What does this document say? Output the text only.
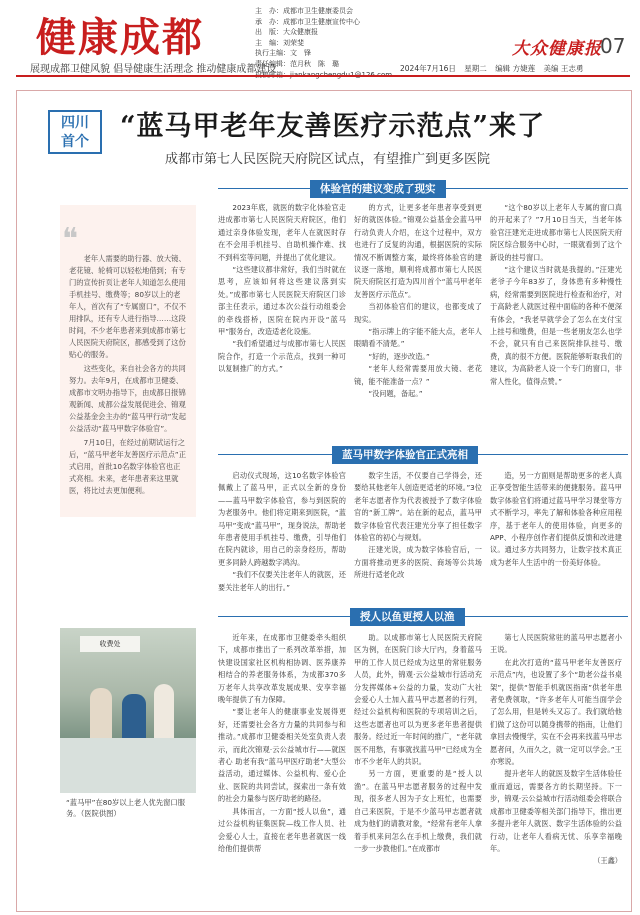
健康成都
展现成都卫健风貌 倡导健康生活理念 推动健康成都建设
主　办：成都市卫生健康委员会
承　办：成都市卫生健康宣传中心
出　版：大众健康报
主　编：刘荣斐
执行主编：文　锋
责任编辑：范月秋　陈　璐
大众健康报
07
2024年7月16日 星期二 编辑 方婕莲 美编 王志勇
四川
首个	“蓝马甲老年友善医疗示范点”来了
成都市第七人民医院天府院区试点，有望推广到更多医院
体验官的建议变成了现实
蓝马甲数字体验官正式亮相
授人以鱼更授人以渔

老年人需要的助行器、放大镜、老花镜、轮椅可以轻松地借到；有专门的宣传折页让老年人知道怎么使用手机挂号、缴费等；80岁以上的老年人，首次有了“专属窗口”，不仅不用排队，还有专人进行指导……这段时间，不少老年患者来到成都市第七人民医院天府院区，都感受到了这份贴心的服务。

这些变化，来自社会各方的共同努力。去年9月，在成都市卫健委、成都市文明办指导下，由成都日报锦观新闻、成都公益发展促进会、锦观公益基金会主办的“蓝马甲行动”发起公益活动“蓝马甲数字体验官”。

7月10日，在经过前期试运行之后，“蓝马甲老年友善医疗示范点”正式启用，首批10名数字体验官也正式亮相。未来，老年患者来这里就医，将比过去更加便利。

❝
收费处
“蓝马甲”在80岁以上老人优先窗口服务。（医院供图）

2023年底，就医的数字化体验官走进成都市第七人民医院天府院区，他们通过亲身体验发现，老年人在就医时存在不会用手机挂号、自助机操作难、找不到科室等问题，并提出了优化建议。

“这些建议都非常好，我们当时就在思考，应该如何将这些建议落到实处。”成都市第七人民医院天府院区门诊部主任表示，通过本次公益行动组委会的牵线搭桥，医院在院内开设“蓝马甲”服务台，改造适老化设施。

“我们希望通过与成都市第七人民医院合作，打造一个示范点，找到一种可以复制推广的方式。”

的方式，让更多老年患者享受到更好的就医体验。”锦观公益基金会蓝马甲行动负责人介绍，在这个过程中，双方也进行了反复的沟通，根据医院的实际情况不断调整方案，最终将体验官的建议逐一落地，顺利将成都市第七人民医院天府院区打造为四川首个“蓝马甲老年友善医疗示范点”。

当初体验官们的建议，也都变成了现实。

“指示牌上的字能不能大点，老年人眼睛看不清楚。”

“好的，逐步改造。”

“老年人经常需要用放大镜、老花镜，能不能准备一点？”

“没问题，备起。”

“这个80岁以上老年人专属的窗口真的开起来了？”7月10日当天，当老年体验官汪建光走进成都市第七人民医院天府院区综合服务中心时，一眼就看到了这个新设的挂号窗口。

“这个建议当时就是我提的。”汪建光老爷子今年83岁了，身体患有多种慢性病，经常需要到医院进行检查和治疗，对于高龄老人就医过程中面临的各种不便深有体会，“我老早就学会了怎么在支付宝上挂号和缴费，但是一些老朋友怎么也学不会，就只有自己来医院排队挂号、缴费，真的很不方便。医院能够听取我们的建议，为高龄老人设一个专门的窗口，非常人性化，值得点赞。”

启动仪式现场，这10名数字体验官佩戴上了蓝马甲，正式以全新的身份——蓝马甲数字体验官，参与到医院的为老服务中。他们将定期来到医院，“蓝马甲”变成“蓝马甲”，现身说法，帮助老年患者使用手机挂号、缴费，引导他们在院内就诊，用自己的亲身经历，帮助更多同龄人跨越数字鸿沟。

“我们不仅要关注老年人的就医，还要关注老年人的出行。”

数字生活，不仅要自己学得会，还要给其他老年人创造更适老的环境。”3位老年志愿者作为代表被授予了数字体验官的“新工牌”。站在新的起点，蓝马甲数字体验官代表汪建光分享了担任数字体验官的初心与规划。

汪建光说，成为数字体验官后，一方面将推动更多的医院、商场等公共场所进行适老化改

造，另一方面则是帮助更多的老人真正享受智能生活带来的便捷服务。蓝马甲数字体验官们将通过蓝马甲学习课堂等方式不断学习，率先了解和体验各种应用程序，基于老年人的使用体验，向更多的APP、小程序创作者们提供反馈和改进建议。通过多方共同努力，让数字技术真正成为老年人生活中的一份美好体验。

近年来，在成都市卫健委牵头组织下，成都市推出了一系列改革举措，加快建设国家社区机构相协调、医养康养相结合的养老服务体系，为成都370多万老年人共享改革发展成果、安享幸福晚年提供了有力保障。

“要让老年人的健康事业发展得更好，还需要社会各方力量的共同参与和推动。”成都市卫健委相关处室负责人表示，而此次锦观·云公益城市行——就医者心 助老有我“蓝马甲医疗助老”大型公益活动，通过媒体、公益机构、爱心企业、医院的共同尝试，探索出一条有效的社会力量参与医疗助老的路径。

具体而言，一方面“授人以鱼”，通过公益机构征集医院—线工作人员、社会爱心人士，直接在老年患者就医一线给他们提供帮

助。以成都市第七人民医院天府院区为例，在医院门诊大厅内，身着蓝马甲的工作人员已经成为这里的常驻服务人员，此外，锦观·云公益城市行活动充分发挥媒体+公益的力量，发动广大社会爱心人士加入蓝马甲志愿者的行列，经过公益机构和医院的专项培训之后，这些志愿者也可以为更多老年患者提供服务。经过近一年时间的推广，“老年就医不用愁，有事就找蓝马甲”已经成为全市不少老年人的共识。

另一方面，更重要的是“授人以渔”。在蓝马甲志愿者服务的过程中发现，很多老人因为子女上班忙，也需要自己来医院，于是不少蓝马甲志愿者就成为他们的请教对象，“经常有老年人拿着手机来问怎么在手机上缴费，我们就一步一步教他们。”在成都市

第七人民医院常驻的蓝马甲志愿者小王说。

在此次打造的“蓝马甲老年友善医疗示范点”内，也设置了多个“助老公益书桌架”，提供“智能手机就医指南”供老年患者免费领取，“许多老年人可能当面学会了怎么用，但是转头又忘了。我们就给他们做了这份可以随身携带的指南，让他们拿回去慢慢学，实在不会再来找蓝马甲志愿者问，久而久之，就一定可以学会。”王亦寒说。

提升老年人的就医及数字生活体验任重而道远，需要各方的长期坚持。下一步，锦观·云公益城市行活动组委会将联合成都市卫健委等相关部门指导下，推出更多提升老年人就医、数字生活体验的公益行动，让老年人看病无忧、乐享幸福晚年。

（王鑫）
